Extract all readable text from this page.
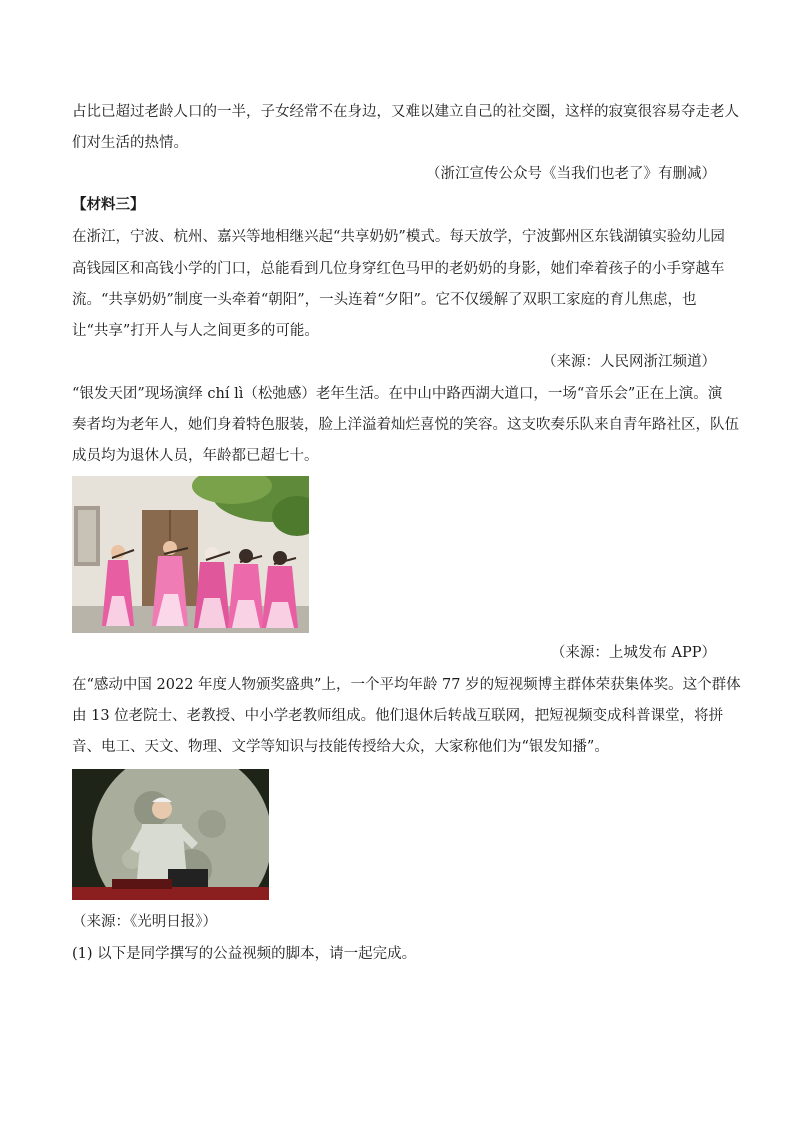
占比已超过老龄人口的一半，子女经常不在身边，又难以建立自己的社交圈，这样的寂寞很容易夺走老人
们对生活的热情。
（浙江宣传公众号《当我们也老了》有删减）
【材料三】
在浙江，宁波、杭州、嘉兴等地相继兴起“共享奶奶”模式。每天放学，宁波鄞州区东钱湖镇实验幼儿园
高钱园区和高钱小学的门口，总能看到几位身穿红色马甲的老奶奶的身影，她们牵着孩子的小手穿越车
流。“共享奶奶”制度一头牵着“朝阳”，一头连着“夕阳”。它不仅缓解了双职工家庭的育儿焦虑，也
让“共享”打开人与人之间更多的可能。
（来源：人民网浙江频道）
“银发天团”现场演绎 chí lì（松弛感）老年生活。在中山中路西湖大道口，一场“音乐会”正在上演。演
奏者均为老年人，她们身着特色服装，脸上洋溢着灿烂喜悦的笑容。这支吹奏乐队来自青年路社区，队伍
成员均为退休人员，年龄都已超七十。
（来源：上城发布 APP）
在“感动中国 2022 年度人物颁奖盛典”上，一个平均年龄 77 岁的短视频博主群体荣获集体奖。这个群体
由 13 位老院士、老教授、中小学老教师组成。他们退休后转战互联网，把短视频变成科普课堂，将拼
音、电工、天文、物理、文学等知识与技能传授给大众，大家称他们为“银发知播”。
（来源：《光明日报》）
(1) 以下是同学撰写的公益视频的脚本，请一起完成。
